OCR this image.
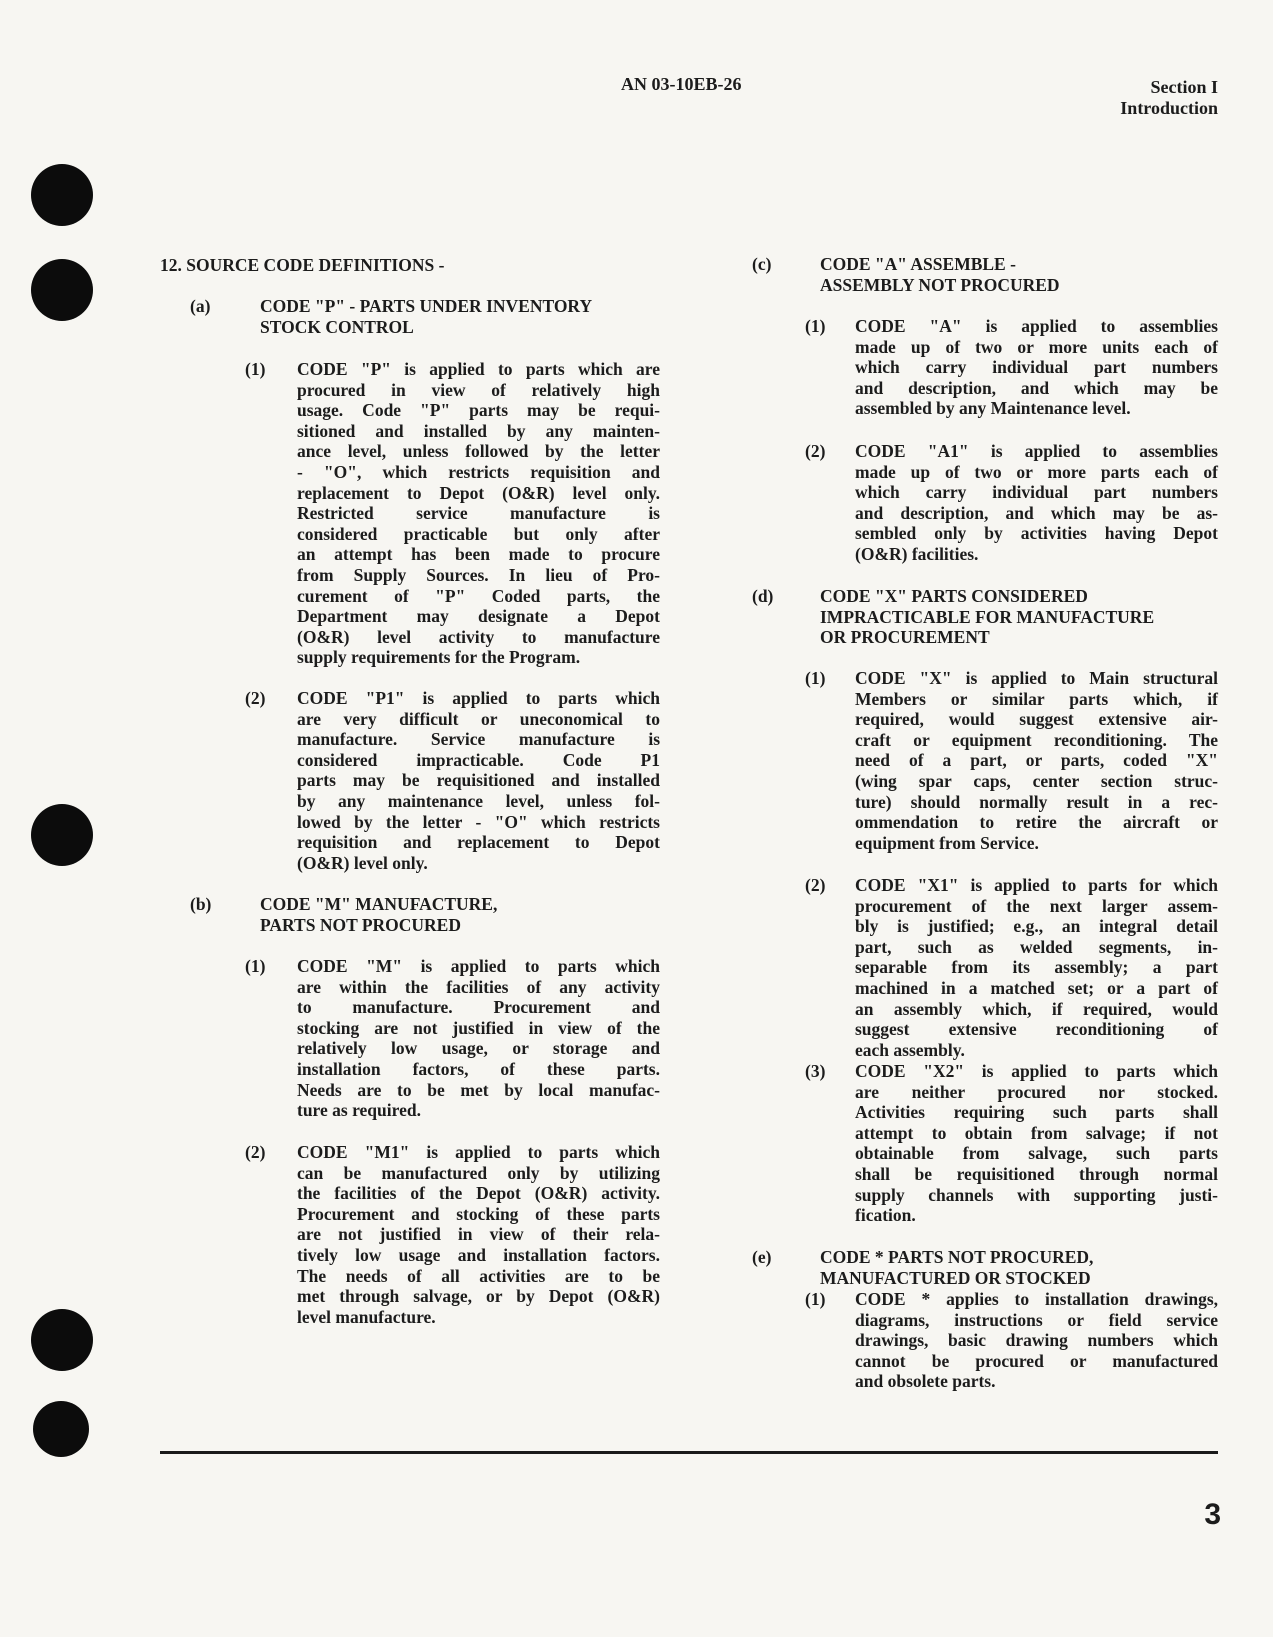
AN 03-10EB-26	Section I
Introduction
12. SOURCE CODE DEFINITIONS -
(a)	CODE "P" - PARTS UNDER INVENTORY
STOCK CONTROL
(1) CODE "P" is applied to parts which are
procured in view of relatively high
usage. Code "P" parts may be requi-
sitioned and installed by any mainten-
ance level, unless followed by the letter
- "O", which restricts requisition and
replacement to Depot (O&R) level only.
Restricted service manufacture is
considered practicable but only after
an attempt has been made to procure
from Supply Sources. In lieu of Pro-
curement of "P" Coded parts, the
Department may designate a Depot
(O&R) level activity to manufacture
supply requirements for the Program.
(2) CODE "P1" is applied to parts which
are very difficult or uneconomical to
manufacture. Service manufacture is
considered impracticable. Code P1
parts may be requisitioned and installed
by any maintenance level, unless fol-
lowed by the letter - "O" which restricts
requisition and replacement to Depot
(O&R) level only.
(b)	CODE "M" MANUFACTURE,
PARTS NOT PROCURED
(1) CODE "M" is applied to parts which
are within the facilities of any activity
to manufacture. Procurement and
stocking are not justified in view of the
relatively low usage, or storage and
installation factors, of these parts.
Needs are to be met by local manufac-
ture as required.
(2) CODE "M1" is applied to parts which
can be manufactured only by utilizing
the facilities of the Depot (O&R) activity.
Procurement and stocking of these parts
are not justified in view of their rela-
tively low usage and installation factors.
The needs of all activities are to be
met through salvage, or by Depot (O&R)
level manufacture.
(c)	CODE "A" ASSEMBLE -
ASSEMBLY NOT PROCURED
(1) CODE "A" is applied to assemblies
made up of two or more units each of
which carry individual part numbers
and description, and which may be
assembled by any Maintenance level.
(2) CODE "A1" is applied to assemblies
made up of two or more parts each of
which carry individual part numbers
and description, and which may be as-
sembled only by activities having Depot
(O&R) facilities.
(d)	CODE "X" PARTS CONSIDERED
IMPRACTICABLE FOR MANUFACTURE
OR PROCUREMENT
(1) CODE "X" is applied to Main structural
Members or similar parts which, if
required, would suggest extensive air-
craft or equipment reconditioning. The
need of a part, or parts, coded "X"
(wing spar caps, center section struc-
ture) should normally result in a rec-
ommendation to retire the aircraft or
equipment from Service.
(2) CODE "X1" is applied to parts for which
procurement of the next larger assem-
bly is justified; e.g., an integral detail
part, such as welded segments, in-
separable from its assembly; a part
machined in a matched set; or a part of
an assembly which, if required, would
suggest extensive reconditioning of
each assembly.
(3) CODE "X2" is applied to parts which
are neither procured nor stocked.
Activities requiring such parts shall
attempt to obtain from salvage; if not
obtainable from salvage, such parts
shall be requisitioned through normal
supply channels with supporting justi-
fication.
(e)	CODE * PARTS NOT PROCURED,
MANUFACTURED OR STOCKED
(1) CODE * applies to installation drawings,
diagrams, instructions or field service
drawings, basic drawing numbers which
cannot be procured or manufactured
and obsolete parts.
3
